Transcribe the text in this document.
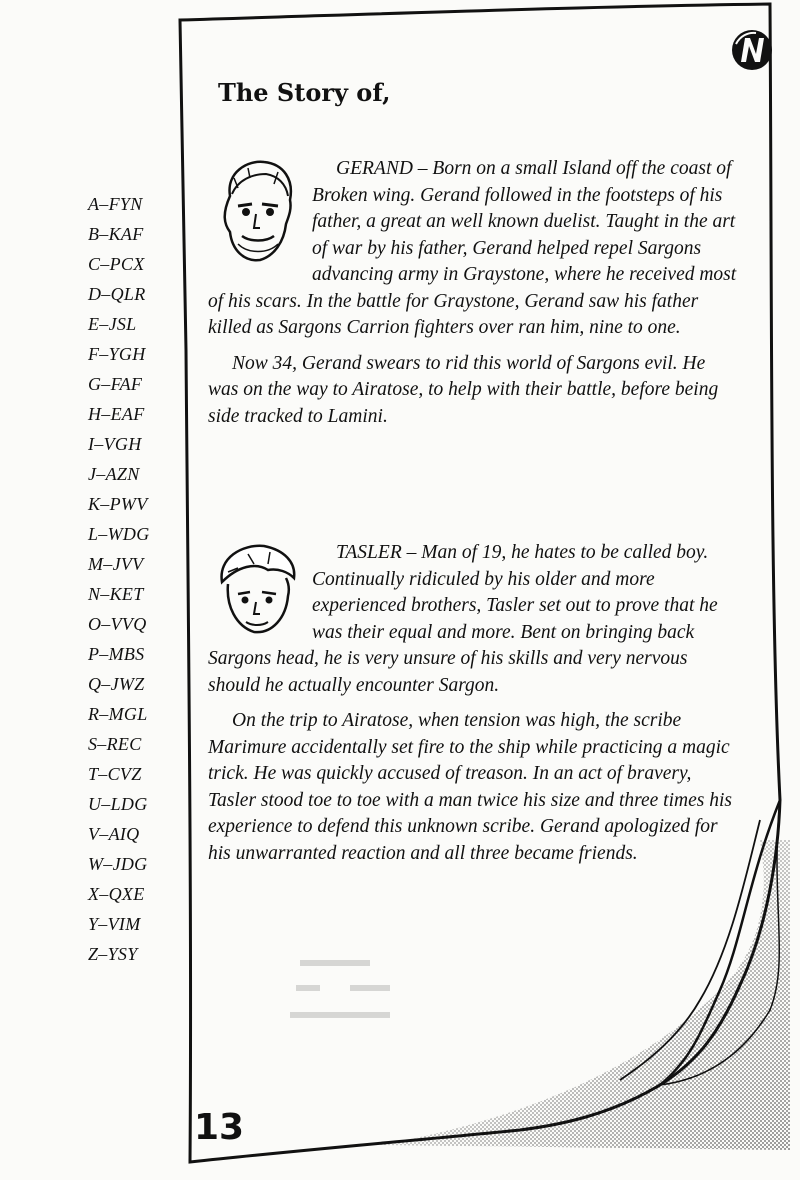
The Story of,
A–FYN
B–KAF
C–PCX
D–QLR
E–JSL
F–YGH
G–FAF
H–EAF
I–VGH
J–AZN
K–PWV
L–WDG
M–JVV
N–KET
O–VVQ
P–MBS
Q–JWZ
R–MGL
S–REC
T–CVZ
U–LDG
V–AIQ
W–JDG
X–QXE
Y–VIM
Z–YSY

GERAND – Born on a small Island off the coast of Broken wing. Gerand followed in the footsteps of his father, a great an well known duelist. Taught in the art of war by his father, Gerand helped repel Sargons advancing army in Graystone, where he received most of his scars. In the battle for Graystone, Gerand saw his father killed as Sargons Carrion fighters over ran him, nine to one.

Now 34, Gerand swears to rid this world of Sargons evil. He was on the way to Airatose, to help with their battle, before being side tracked to Lamini.

TASLER – Man of 19, he hates to be called boy. Continually ridiculed by his older and more experienced brothers, Tasler set out to prove that he was their equal and more. Bent on bringing back Sargons head, he is very unsure of his skills and very nervous should he actually encounter Sargon.

On the trip to Airatose, when tension was high, the scribe Marimure accidentally set fire to the ship while practicing a magic trick. He was quickly accused of treason. In an act of bravery, Tasler stood toe to toe with a man twice his size and three times his experience to defend this unknown scribe. Gerand apologized for his unwarranted reaction and all three became friends.

13
